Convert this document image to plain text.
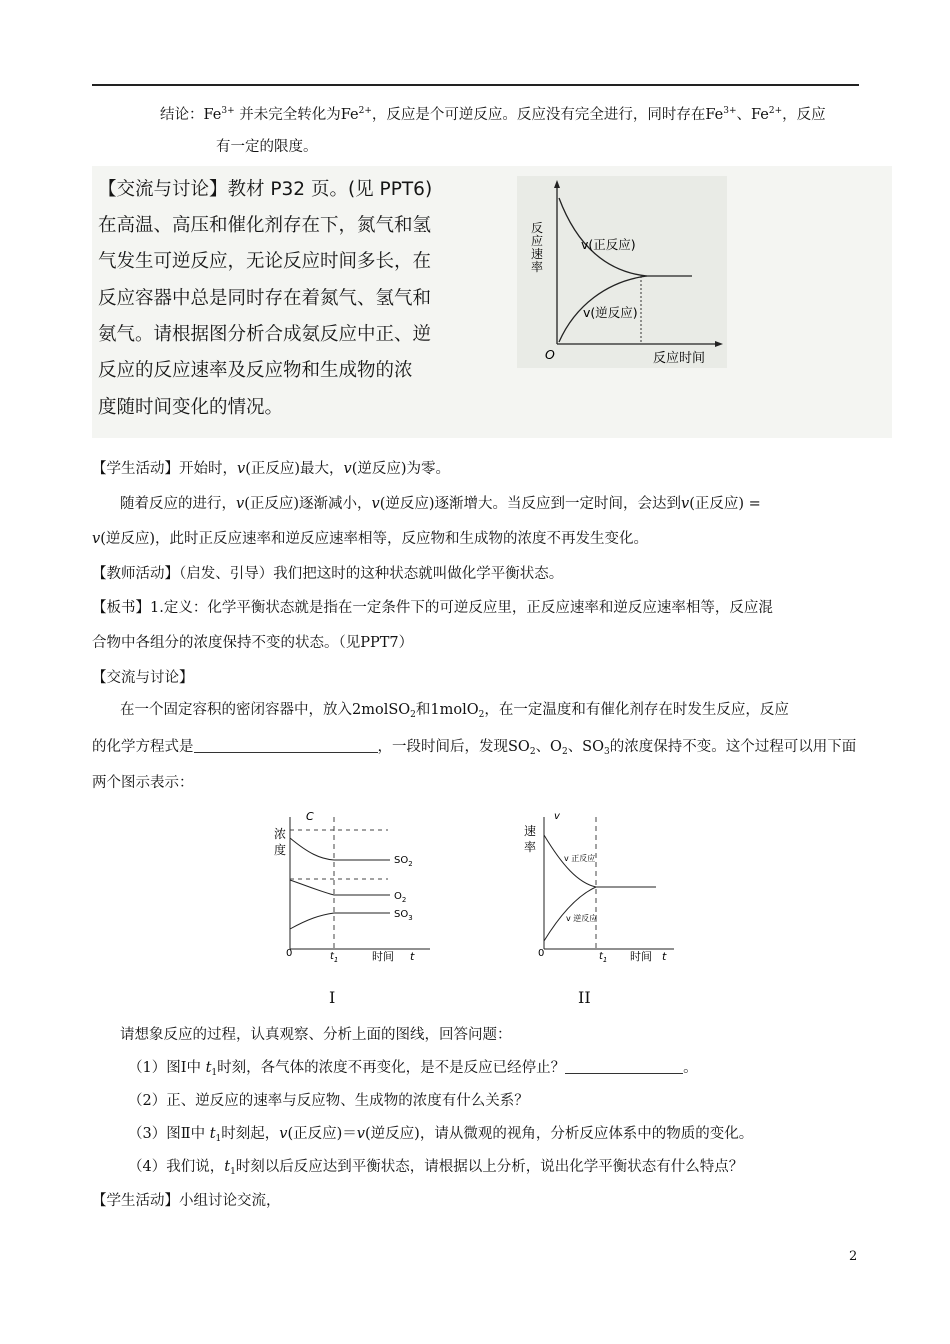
结论：$Fe^{3+}$ 并未完全转化为$Fe^{2+}$，反应是个可逆反应。反应没有完全进行，同时存在$Fe^{3+}$、$Fe^{2+}$，反应
有一定的限度。
【交流与讨论】教材 P32 页。(见 PPT6)
在高温、高压和催化剂存在下，氮气和氢
气发生可逆反应，无论反应时间多长，在
反应容器中总是同时存在着氮气、氢气和
氨气。请根据图分析合成氨反应中正、逆
反应的反应速率及反应物和生成物的浓
度随时间变化的情况。
反应速率
v(正反应)
v(逆反应)
O	反应时间
【学生活动】开始时，v(正反应)最大，v(逆反应)为零。
随着反应的进行，v(正反应)逐渐减小，v(逆反应)逐渐增大。当反应到一定时间，会达到v(正反应) =
v(逆反应)，此时正反应速率和逆反应速率相等，反应物和生成物的浓度不再发生变化。
【教师活动】（启发、引导）我们把这时的这种状态就叫做化学平衡状态。
【板书】1.定义：化学平衡状态就是指在一定条件下的可逆反应里，正反应速率和逆反应速率相等，反应混
合物中各组分的浓度保持不变的状态。（见PPT7）
【交流与讨论】
在一个固定容积的密闭容器中，放入2molSO$_2$和1molO$_2$，在一定温度和有催化剂存在时发生反应，反应
的化学方程式是	，一段时间后，发现$SO_2$、$O_2$、$SO_3$的浓度保持不变。这个过程可以用下面
两个图示表示：
C
浓
度
$SO_2$
$O_2$
$SO_3$
0	$t_1$	时间 t
I
v
速
率
v 正反应
v 逆反应
0	$t_1$ 时间 t
II
请想象反应的过程，认真观察、分析上面的图线，回答问题：
（1）图Ⅰ中 $t_1$时刻，各气体的浓度不再变化，是不是反应已经停止？	。
（2）正、逆反应的速率与反应物、生成物的浓度有什么关系？
（3）图Ⅱ中 $t_1$时刻起，v(正反应)＝v(逆反应)，请从微观的视角，分析反应体系中的物质的变化。
（4）我们说，$t_1$时刻以后反应达到平衡状态，请根据以上分析，说出化学平衡状态有什么特点？
【学生活动】小组讨论交流，
2
